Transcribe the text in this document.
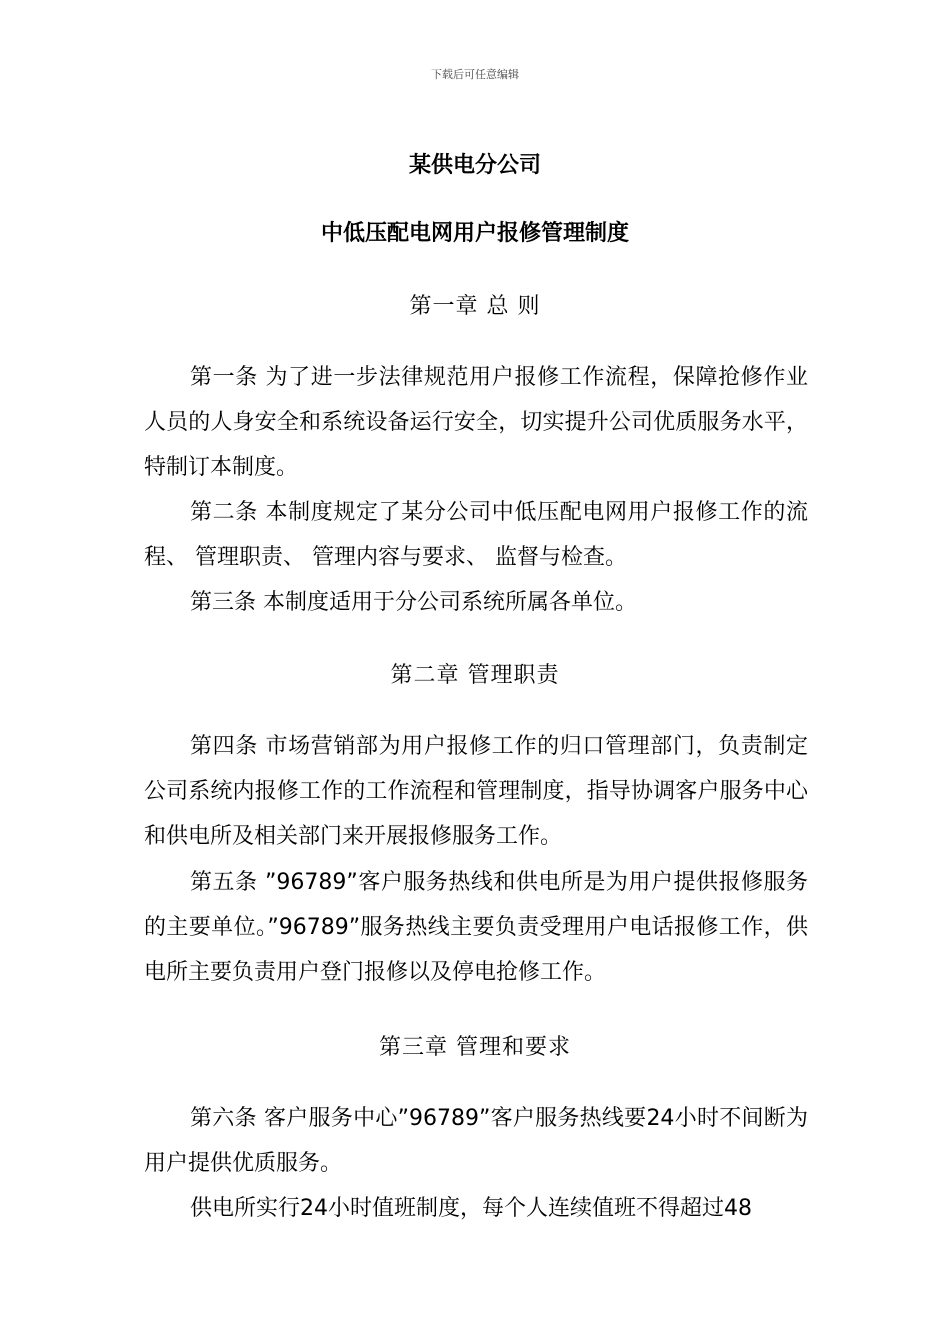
下载后可任意编辑
某供电分公司
中低压配电网用户报修管理制度
第一章 总 则
第一条 为了进一步法律规范用户报修工作流程，保障抢修作业人员的人身安全和系统设备运行安全，切实提升公司优质服务水平，特制订本制度。
第二条 本制度规定了某分公司中低压配电网用户报修工作的流程、 管理职责、 管理内容与要求、 监督与检查。
第三条 本制度适用于分公司系统所属各单位。
第二章 管理职责
第四条 市场营销部为用户报修工作的归口管理部门，负责制定公司系统内报修工作的工作流程和管理制度，指导协调客户服务中心和供电所及相关部门来开展报修服务工作。
第五条 ”96789”客户服务热线和供电所是为用户提供报修服务的主要单位。”96789”服务热线主要负责受理用户电话报修工作，供电所主要负责用户登门报修以及停电抢修工作。
第三章 管理和要求
第六条 客户服务中心”96789”客户服务热线要24小时不间断为用户提供优质服务。
供电所实行24小时值班制度，每个人连续值班不得超过48
